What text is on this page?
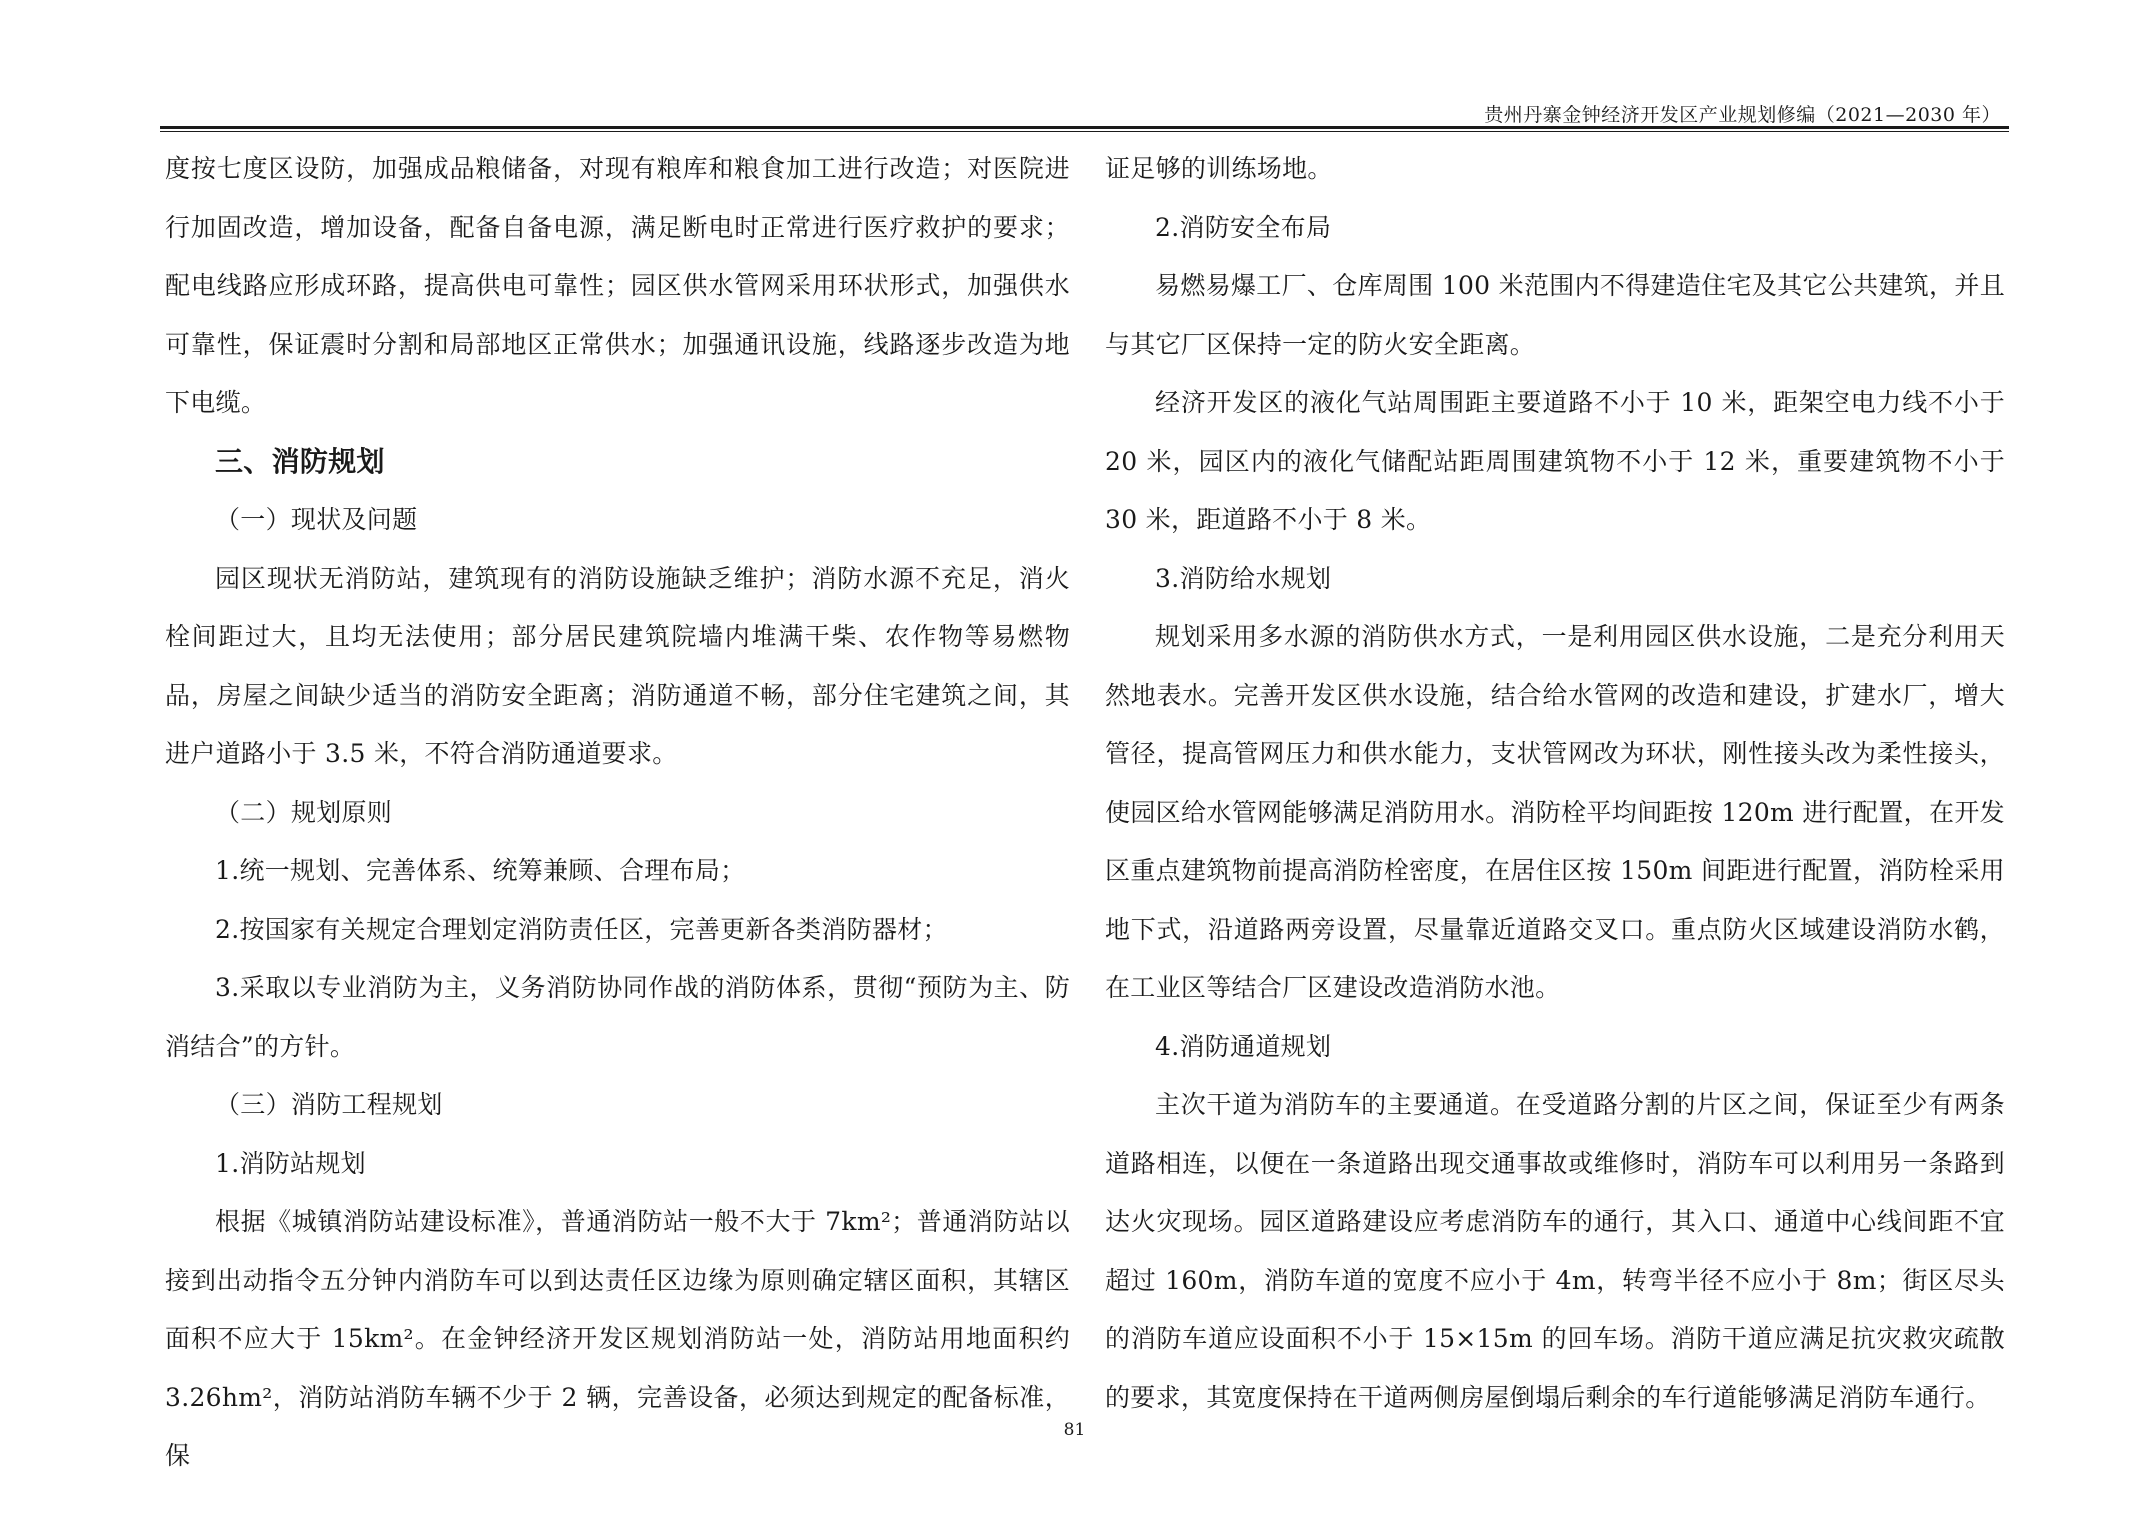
贵州丹寨金钟经济开发区产业规划修编（2021—2030 年）

度按七度区设防，加强成品粮储备，对现有粮库和粮食加工进行改造；对医院进行加固改造，增加设备，配备自备电源，满足断电时正常进行医疗救护的要求；配电线路应形成环路，提高供电可靠性；园区供水管网采用环状形式，加强供水可靠性，保证震时分割和局部地区正常供水；加强通讯设施，线路逐步改造为地下电缆。

三、消防规划

（一）现状及问题

园区现状无消防站，建筑现有的消防设施缺乏维护；消防水源不充足，消火栓间距过大，且均无法使用；部分居民建筑院墙内堆满干柴、农作物等易燃物品，房屋之间缺少适当的消防安全距离；消防通道不畅，部分住宅建筑之间，其进户道路小于 3.5 米，不符合消防通道要求。

（二）规划原则

1.统一规划、完善体系、统筹兼顾、合理布局；

2.按国家有关规定合理划定消防责任区，完善更新各类消防器材；

3.采取以专业消防为主，义务消防协同作战的消防体系，贯彻“预防为主、防消结合”的方针。

（三）消防工程规划

1.消防站规划

根据《城镇消防站建设标准》，普通消防站一般不大于 7km²；普通消防站以接到出动指令五分钟内消防车可以到达责任区边缘为原则确定辖区面积，其辖区面积不应大于 15km²。在金钟经济开发区规划消防站一处，消防站用地面积约 3.26hm²，消防站消防车辆不少于 2 辆，完善设备，必须达到规定的配备标准，保

证足够的训练场地。

2.消防安全布局

易燃易爆工厂、仓库周围 100 米范围内不得建造住宅及其它公共建筑，并且与其它厂区保持一定的防火安全距离。

经济开发区的液化气站周围距主要道路不小于 10 米，距架空电力线不小于 20 米，园区内的液化气储配站距周围建筑物不小于 12 米，重要建筑物不小于 30 米，距道路不小于 8 米。

3.消防给水规划

规划采用多水源的消防供水方式，一是利用园区供水设施，二是充分利用天然地表水。完善开发区供水设施，结合给水管网的改造和建设，扩建水厂，增大管径，提高管网压力和供水能力，支状管网改为环状，刚性接头改为柔性接头，使园区给水管网能够满足消防用水。消防栓平均间距按 120m 进行配置，在开发区重点建筑物前提高消防栓密度，在居住区按 150m 间距进行配置，消防栓采用地下式，沿道路两旁设置，尽量靠近道路交叉口。重点防火区域建设消防水鹤，在工业区等结合厂区建设改造消防水池。

4.消防通道规划

主次干道为消防车的主要通道。在受道路分割的片区之间，保证至少有两条道路相连，以便在一条道路出现交通事故或维修时，消防车可以利用另一条路到达火灾现场。园区道路建设应考虑消防车的通行，其入口、通道中心线间距不宜超过 160m，消防车道的宽度不应小于 4m，转弯半径不应小于 8m；街区尽头的消防车道应设面积不小于 15×15m 的回车场。消防干道应满足抗灾救灾疏散的要求，其宽度保持在干道两侧房屋倒塌后剩余的车行道能够满足消防车通行。

81
